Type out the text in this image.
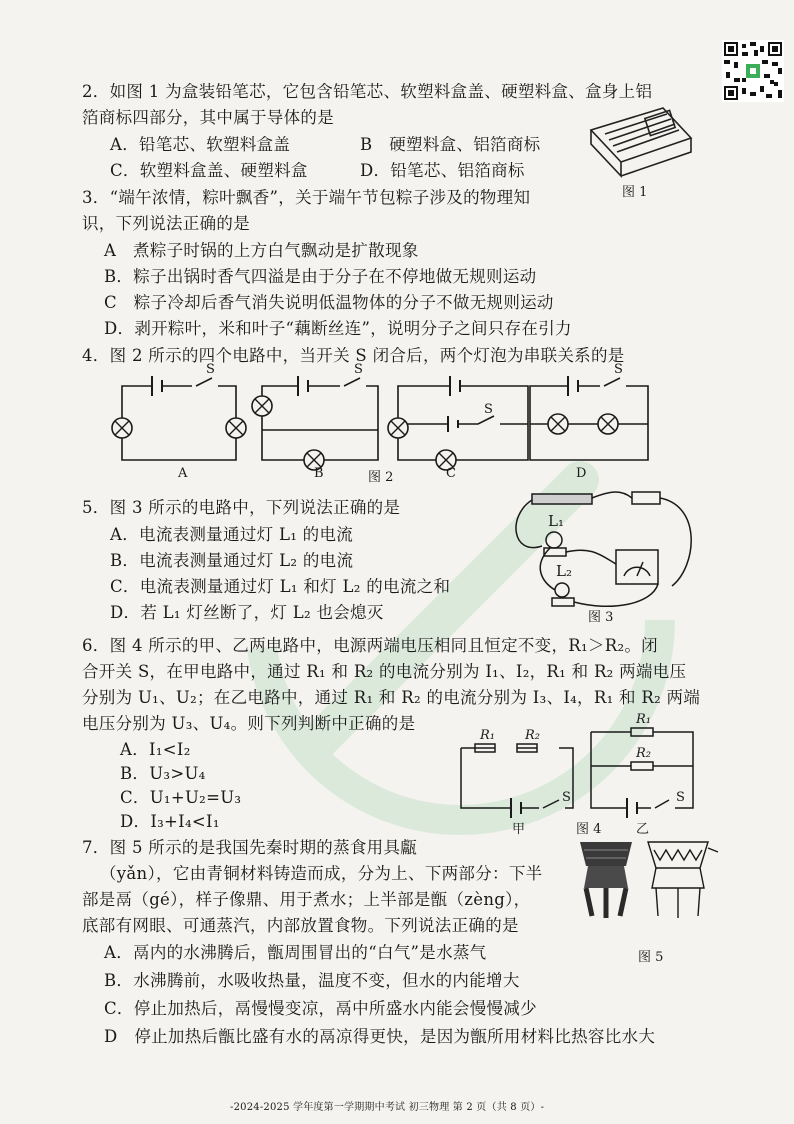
2．如图 1 为盒装铅笔芯，它包含铅笔芯、软塑料盒盖、硬塑料盒、盒身上铝
箔商标四部分，其中属于导体的是
A．铅笔芯、软塑料盒盖	B　硬塑料盒、铝箔商标
C．软塑料盒盖、硬塑料盒	D．铅笔芯、铝箔商标
图 1
3．“端午浓情，粽叶飘香”，关于端午节包粽子涉及的物理知
识，下列说法正确的是
A　煮粽子时锅的上方白气飘动是扩散现象
B．粽子出锅时香气四溢是由于分子在不停地做无规则运动
C　粽子冷却后香气消失说明低温物体的分子不做无规则运动
D．剥开粽叶，米和叶子“藕断丝连”，说明分子之间只存在引力
4．图 2 所示的四个电路中，当开关 S 闭合后，两个灯泡为串联关系的是
S	S
S
S
A	B	图 2	C	D
5．图 3 所示的电路中，下列说法正确的是
A．电流表测量通过灯 L₁ 的电流
B．电流表测量通过灯 L₂ 的电流
C．电流表测量通过灯 L₁ 和灯 L₂ 的电流之和
D．若 L₁ 灯丝断了，灯 L₂ 也会熄灭
L₁
L₂
图 3
6．图 4 所示的甲、乙两电路中，电源两端电压相同且恒定不变，R₁＞R₂。闭
合开关 S，在甲电路中，通过 R₁ 和 R₂ 的电流分别为 I₁、I₂，R₁ 和 R₂ 两端电压
分别为 U₁、U₂；在乙电路中，通过 R₁ 和 R₂ 的电流分别为 I₃、I₄，R₁ 和 R₂ 两端
电压分别为 U₃、U₄。则下列判断中正确的是
A．I₁<I₂
B．U₃>U₄
C．U₁+U₂=U₃
D．I₃+I₄<I₁
R₁ R₂
R₁
R₂
S	S
甲	图 4	乙
7．图 5 所示的是我国先秦时期的蒸食用具甗
（yǎn），它由青铜材料铸造而成，分为上、下两部分：下半
部是鬲（gé），样子像鼎、用于煮水；上半部是甑（zèng），
底部有网眼、可通蒸汽，内部放置食物。下列说法正确的是
A．鬲内的水沸腾后，甑周围冒出的“白气”是水蒸气
B．水沸腾前，水吸收热量，温度不变，但水的内能增大
C．停止加热后，鬲慢慢变凉，鬲中所盛水内能会慢慢减少
D　停止加热后甑比盛有水的鬲凉得更快，是因为甑所用材料比热容比水大
图 5
-2024-2025 学年度第一学期期中考试 初三物理 第 2 页（共 8 页）-
